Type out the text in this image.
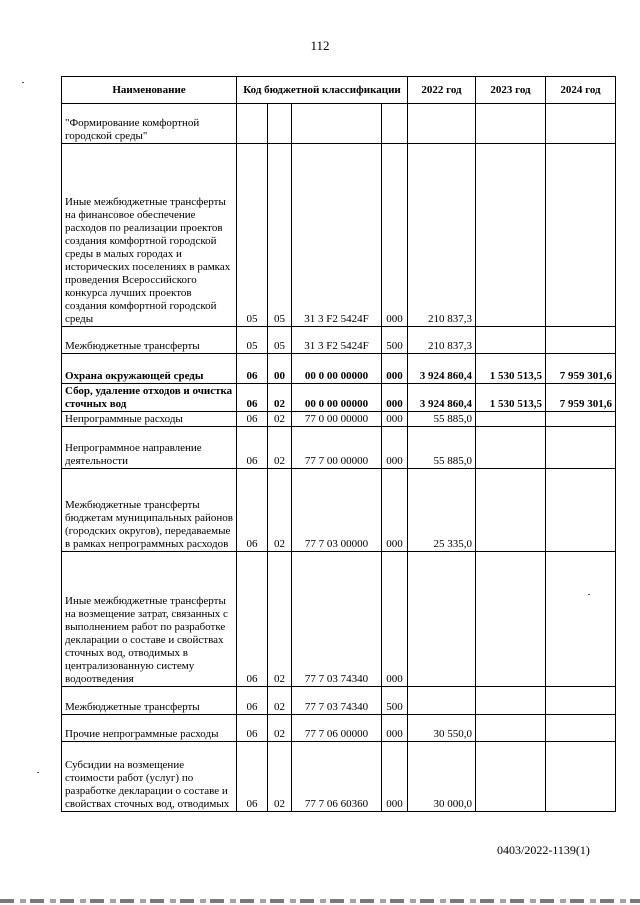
112
Наименование	Код бюджетной классификации				2022 год	2023 год	2024 год
"Формирование комфортной городской среды"							
Иные межбюджетные трансферты на финансовое обеспечение расходов по реализации проектов создания комфортной городской среды в малых городах и исторических поселениях в рамках проведения Всероссийского конкурса лучших проектов создания комфортной городской среды	05	05	31 3 F2 5424F	000	210 837,3		
Межбюджетные трансферты	05	05	31 3 F2 5424F	500	210 837,3		
Охрана окружающей среды	06	00	00 0 00 00000	000	3 924 860,4	1 530 513,5	7 959 301,6
Сбор, удаление отходов и очистка сточных вод	06	02	00 0 00 00000	000	3 924 860,4	1 530 513,5	7 959 301,6
Непрограммные расходы	06	02	77 0 00 00000	000	55 885,0		
Непрограммное направление деятельности	06	02	77 7 00 00000	000	55 885,0		
Межбюджетные трансферты бюджетам муниципальных районов (городских округов), передаваемые в рамках непрограммных расходов	06	02	77 7 03 00000	000	25 335,0		
Иные межбюджетные трансферты на возмещение затрат, связанных с выполнением работ по разработке декларации о составе и свойствах сточных вод, отводимых в централизованную систему водоотведения	06	02	77 7 03 74340	000			
Межбюджетные трансферты	06	02	77 7 03 74340	500			
Прочие непрограммные расходы	06	02	77 7 06 00000	000	30 550,0		
Субсидии на возмещение стоимости работ (услуг) по разработке декларации о составе и свойствах сточных вод, отводимых	06	02	77 7 06 60360	000	30 000,0		
0403/2022-1139(1)
